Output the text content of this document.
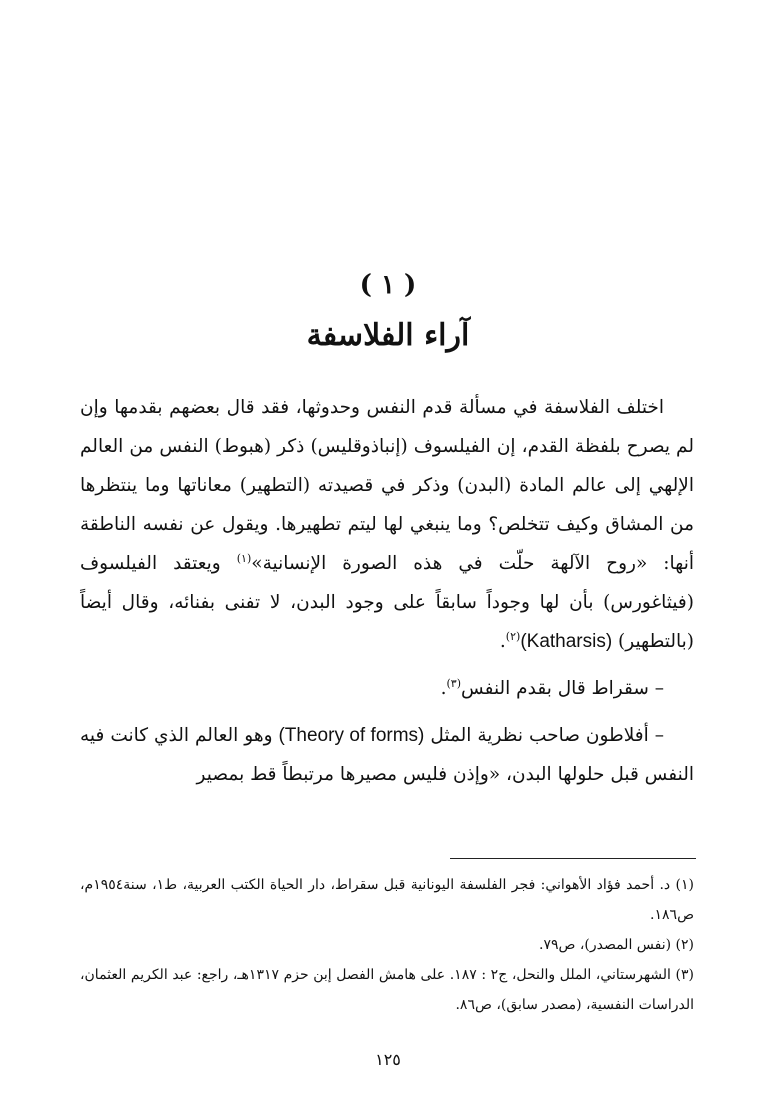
( ١ )
آراء الفلاسفة

اختلف الفلاسفة في مسألة قدم النفس وحدوثها، فقد قال بعضهم بقدمها وإن لم يصرح بلفظة القدم، إن الفيلسوف (إنباذوقليس) ذكر (هبوط) النفس من العالم الإلهي إلى عالم المادة (البدن) وذكر في قصيدته (التطهير) معاناتها وما ينتظرها من المشاق وكيف تتخلص؟ وما ينبغي لها ليتم تطهيرها. ويقول عن نفسه الناطقة أنها: «روح الآلهة حلّت في هذه الصورة الإنسانية»$^{(١)}$ ويعتقد الفيلسوف (فيثاغورس) بأن لها وجوداً سابقاً على وجود البدن، لا تفنى بفنائه، وقال أيضاً (بالتطهير) (Katharsis)$^{(٢)}$.

– سقراط قال بقدم النفس$^{(٣)}$.

– أفلاطون صاحب نظرية المثل (Theory of forms) وهو العالم الذي كانت فيه النفس قبل حلولها البدن، «وإذن فليس مصيرها مرتبطاً قط بمصير

(١) د. أحمد فؤاد الأهواني: فجر الفلسفة اليونانية قبل سقراط، دار الحياة الكتب العربية، ط١، سنة١٩٥٤م، ص١٨٦.

(٢) (نفس المصدر)، ص٧٩.

(٣) الشهرستاني، الملل والنحل، ج٢ : ١٨٧. على هامش الفصل إبن حزم ١٣١٧هـ، راجع: عبد الكريم العثمان، الدراسات النفسية، (مصدر سابق)، ص٨٦.

١٢٥
